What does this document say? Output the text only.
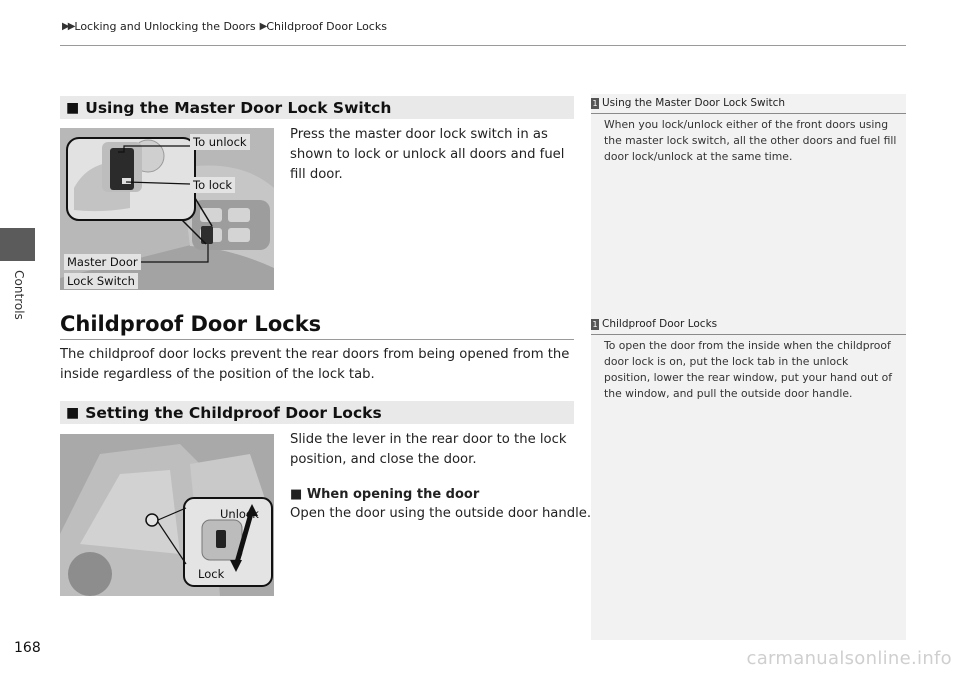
▶▶ Locking and Unlocking the Doors ▶ Childproof Door Locks
Controls
168
■ Using the Master Door Lock Switch
To unlock
To lock
Master Door
Lock Switch
Press the master door lock switch in as shown to lock or unlock all doors and fuel fill door.
Childproof Door Locks
The childproof door locks prevent the rear doors from being opened from the inside regardless of the position of the lock tab.
■ Setting the Childproof Door Locks
Unlock
Lock
Slide the lever in the rear door to the lock position, and close the door.
■ When opening the door
Open the door using the outside door handle.
1 Using the Master Door Lock Switch
When you lock/unlock either of the front doors using the master lock switch, all the other doors and fuel fill door lock/unlock at the same time.
1 Childproof Door Locks
To open the door from the inside when the childproof door lock is on, put the lock tab in the unlock position, lower the rear window, put your hand out of the window, and pull the outside door handle.
carmanualsonline.info
